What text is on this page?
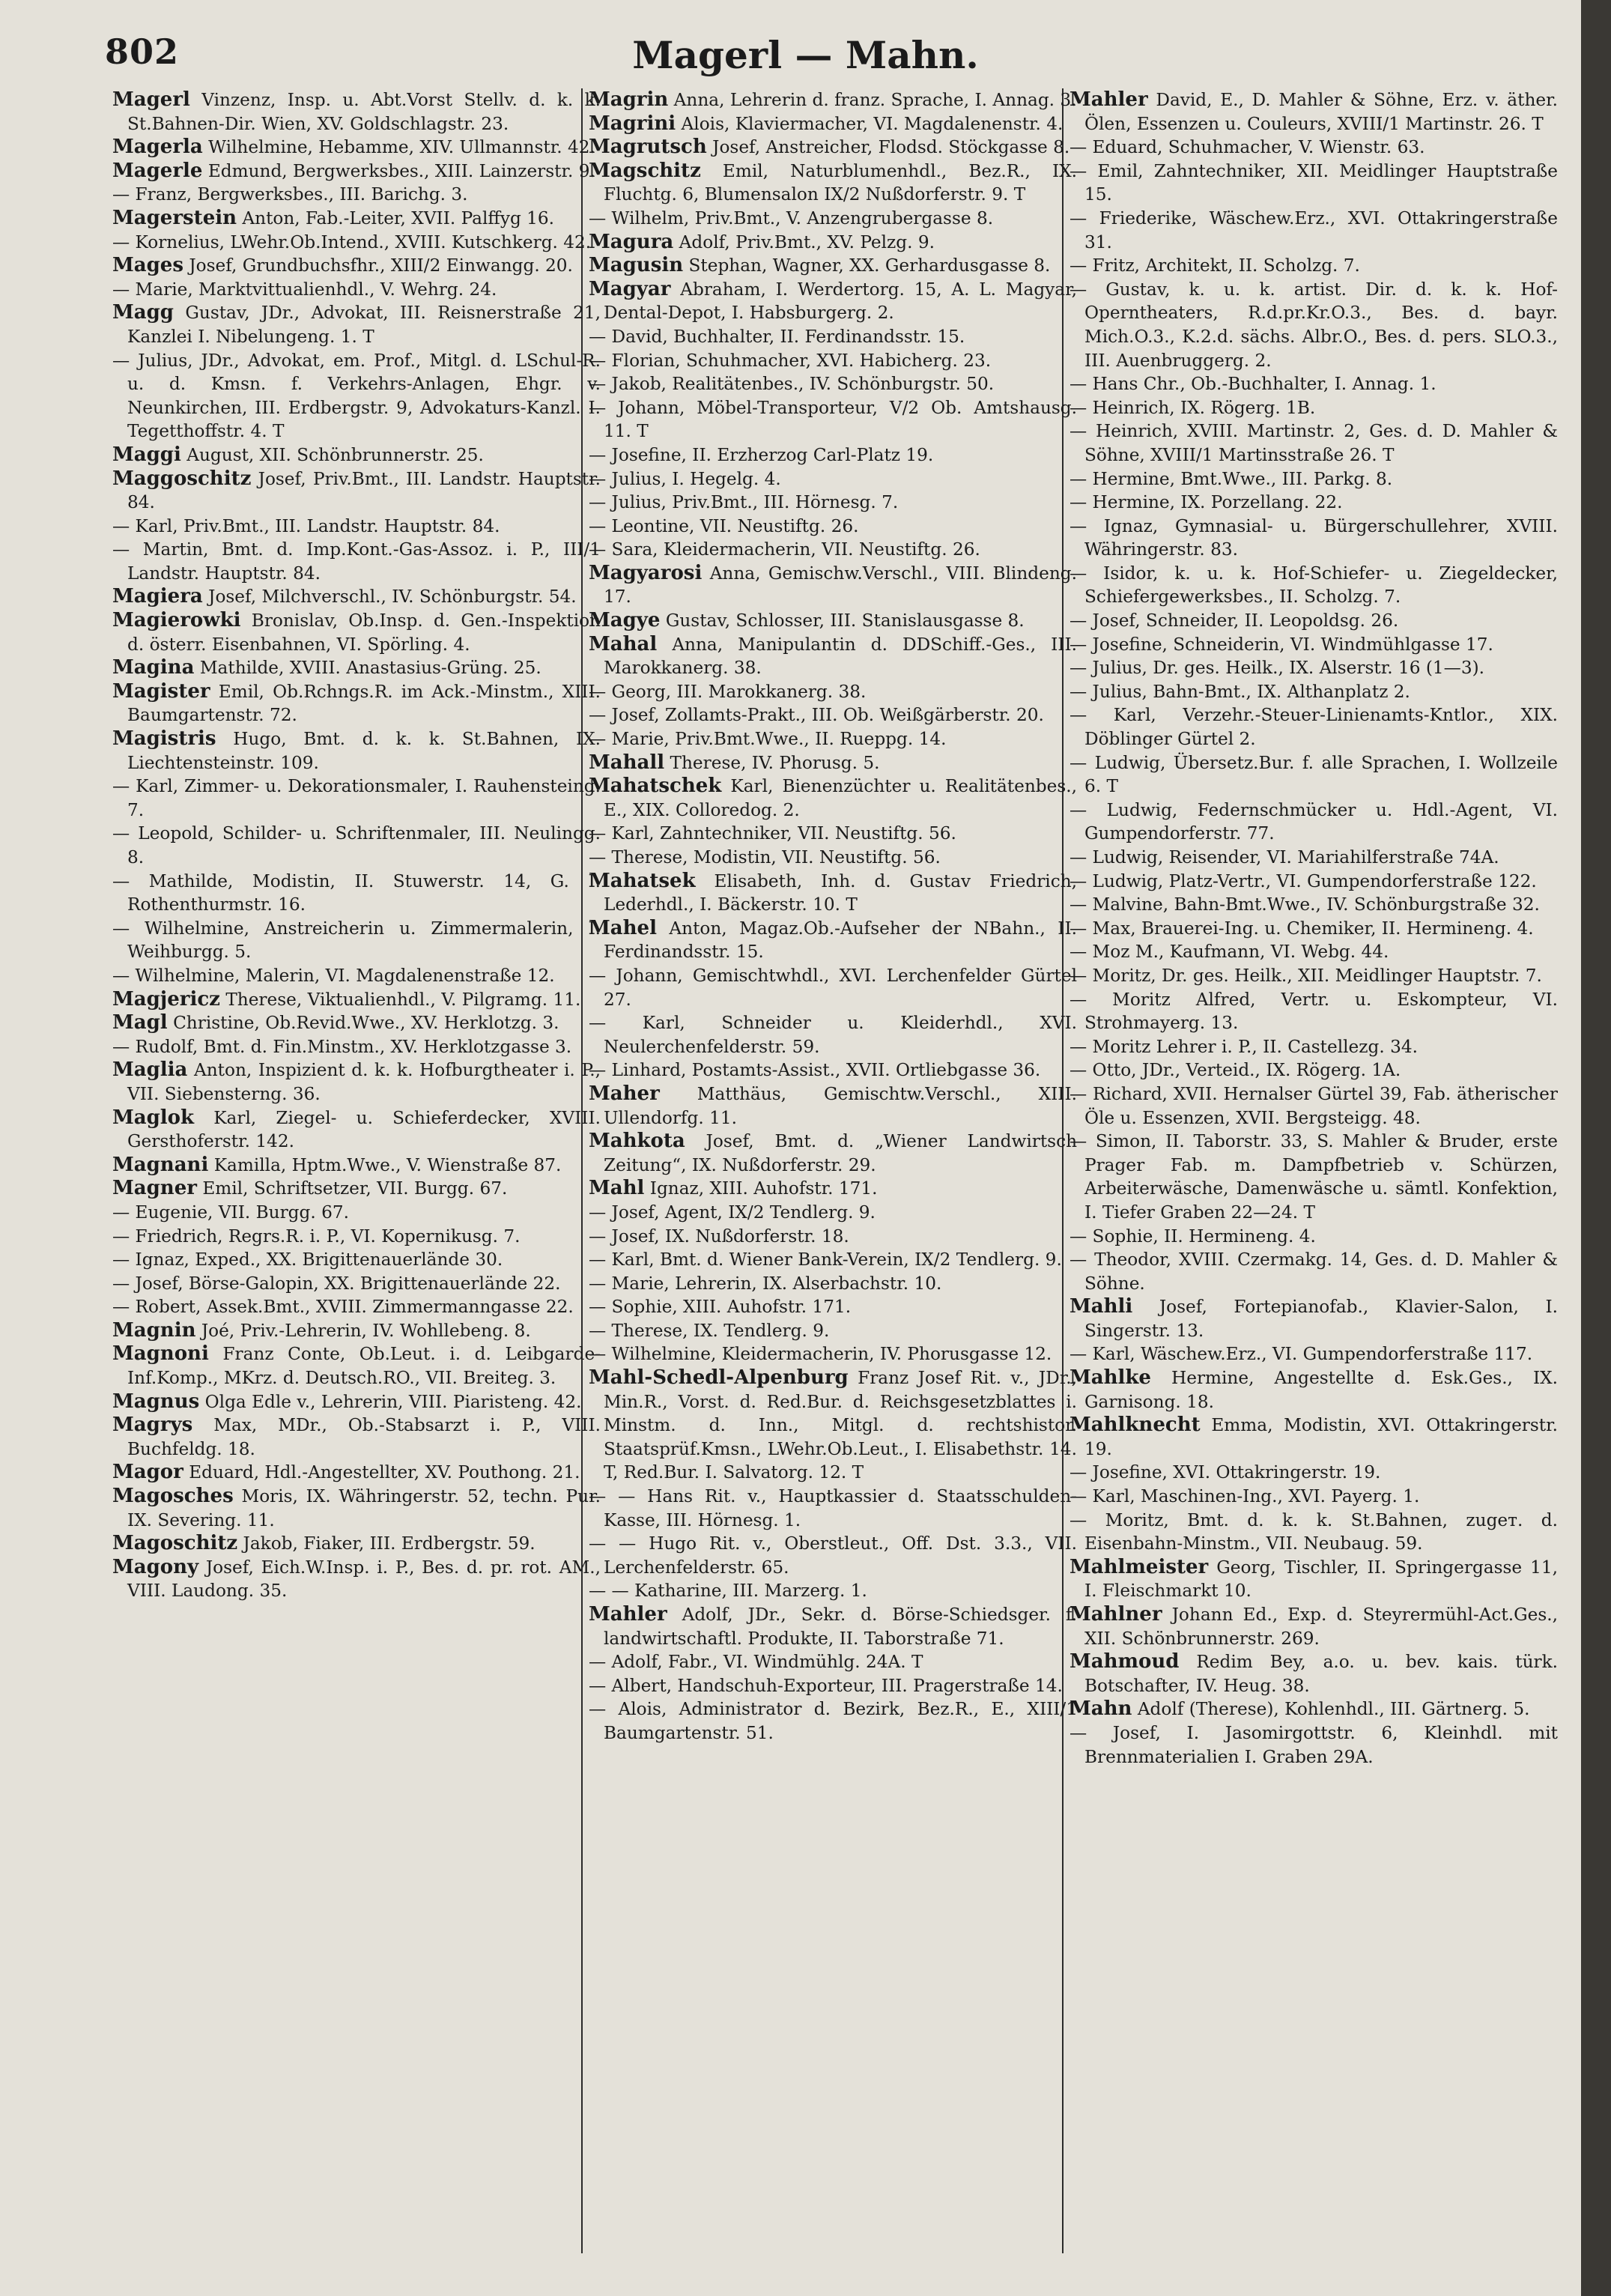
802	Magerl — Mahn.

Magerl Vinzenz, Insp. u. Abt.Vorst Stellv. d. k. k. St.Bahnen-Dir. Wien, XV. Goldschlagstr. 23.

Magerla Wilhelmine, Hebamme, XIV. Ullmannstr. 42.

Magerle Edmund, Bergwerksbes., XIII. Lainzerstr. 9.

— Franz, Bergwerksbes., III. Barichg. 3.

Magerstein Anton, Fab.-Leiter, XVII. Palffyg 16.

— Kornelius, LWehr.Ob.Intend., XVIII. Kutschkerg. 42.

Mages Josef, Grundbuchsfhr., XIII/2 Einwangg. 20.

— Marie, Marktvittualienhdl., V. Wehrg. 24.

Magg Gustav, JDr., Advokat, III. Reisnerstraße 21, Kanzlei I. Nibelungeng. 1. T

— Julius, JDr., Advokat, em. Prof., Mitgl. d. LSchul-R. u. d. Kmsn. f. Verkehrs-Anlagen, Ehgr. v. Neunkirchen, III. Erdbergstr. 9, Advokaturs-Kanzl. I. Tegetthoffstr. 4. T

Maggi August, XII. Schönbrunnerstr. 25.

Maggoschitz Josef, Priv.Bmt., III. Landstr. Hauptstr. 84.

— Karl, Priv.Bmt., III. Landstr. Hauptstr. 84.

— Martin, Bmt. d. Imp.Kont.-Gas-Assoz. i. P., III/1 Landstr. Hauptstr. 84.

Magiera Josef, Milchverschl., IV. Schönburgstr. 54.

Magierowki Bronislav, Ob.Insp. d. Gen.-Inspektion d. österr. Eisenbahnen, VI. Spörling. 4.

Magina Mathilde, XVIII. Anastasius-Grüng. 25.

Magister Emil, Ob.Rchngs.R. im Ack.-Minstm., XIII. Baumgartenstr. 72.

Magistris Hugo, Bmt. d. k. k. St.Bahnen, IX. Liechtensteinstr. 109.

— Karl, Zimmer- u. Dekorationsmaler, I. Rauhensteing. 7.

— Leopold, Schilder- u. Schriftenmaler, III. Neulingg. 8.

— Mathilde, Modistin, II. Stuwerstr. 14, G. I. Rothenthurmstr. 16.

— Wilhelmine, Anstreicherin u. Zimmermalerin, I. Weihburgg. 5.

— Wilhelmine, Malerin, VI. Magdalenenstraße 12.

Magjericz Therese, Viktualienhdl., V. Pilgramg. 11.

Magl Christine, Ob.Revid.Wwe., XV. Herklotzg. 3.

— Rudolf, Bmt. d. Fin.Minstm., XV. Herklotzgasse 3.

Maglia Anton, Inspizient d. k. k. Hofburgtheater i. P., VII. Siebensterng. 36.

Maglok Karl, Ziegel- u. Schieferdecker, XVIII. Gersthoferstr. 142.

Magnani Kamilla, Hptm.Wwe., V. Wienstraße 87.

Magner Emil, Schriftsetzer, VII. Burgg. 67.

— Eugenie, VII. Burgg. 67.

— Friedrich, Regrs.R. i. P., VI. Kopernikusg. 7.

— Ignaz, Exped., XX. Brigittenauerlände 30.

— Josef, Börse-Galopin, XX. Brigittenauerlände 22.

— Robert, Assek.Bmt., XVIII. Zimmermanngasse 22.

Magnin Joé, Priv.-Lehrerin, IV. Wohllebeng. 8.

Magnoni Franz Conte, Ob.Leut. i. d. Leibgarde-Inf.Komp., MKrz. d. Deutsch.RO., VII. Breiteg. 3.

Magnus Olga Edle v., Lehrerin, VIII. Piaristeng. 42.

Magrys Max, MDr., Ob.-Stabsarzt i. P., VIII. Buchfeldg. 18.

Magor Eduard, Hdl.-Angestellter, XV. Pouthong. 21.

Magosches Moris, IX. Währingerstr. 52, techn. Pur. IX. Severing. 11.

Magoschitz Jakob, Fiaker, III. Erdbergstr. 59.

Magony Josef, Eich.W.Insp. i. P., Bes. d. pr. rot. AM., VIII. Laudong. 35.

Magrin Anna, Lehrerin d. franz. Sprache, I. Annag. 3.

Magrini Alois, Klaviermacher, VI. Magdalenenstr. 4.

Magrutsch Josef, Anstreicher, Flodsd. Stöckgasse 8.

Magschitz Emil, Naturblumenhdl., Bez.R., IX. Fluchtg. 6, Blumensalon IX/2 Nußdorferstr. 9. T

— Wilhelm, Priv.Bmt., V. Anzengrubergasse 8.

Magura Adolf, Priv.Bmt., XV. Pelzg. 9.

Magusin Stephan, Wagner, XX. Gerhardusgasse 8.

Magyar Abraham, I. Werdertorg. 15, A. L. Magyar, Dental-Depot, I. Habsburgerg. 2.

— David, Buchhalter, II. Ferdinandsstr. 15.

— Florian, Schuhmacher, XVI. Habicherg. 23.

— Jakob, Realitätenbes., IV. Schönburgstr. 50.

— Johann, Möbel-Transporteur, V/2 Ob. Amtshausg. 11. T

— Josefine, II. Erzherzog Carl-Platz 19.

— Julius, I. Hegelg. 4.

— Julius, Priv.Bmt., III. Hörnesg. 7.

— Leontine, VII. Neustiftg. 26.

— Sara, Kleidermacherin, VII. Neustiftg. 26.

Magyarosi Anna, Gemischw.Verschl., VIII. Blindeng. 17.

Magye Gustav, Schlosser, III. Stanislausgasse 8.

Mahal Anna, Manipulantin d. DDSchiff.-Ges., III. Marokkanerg. 38.

— Georg, III. Marokkanerg. 38.

— Josef, Zollamts-Prakt., III. Ob. Weißgärberstr. 20.

— Marie, Priv.Bmt.Wwe., II. Rueppg. 14.

Mahall Therese, IV. Phorusg. 5.

Mahatschek Karl, Bienenzüchter u. Realitätenbes., E., XIX. Colloredog. 2.

— Karl, Zahntechniker, VII. Neustiftg. 56.

— Therese, Modistin, VII. Neustiftg. 56.

Mahatsek Elisabeth, Inh. d. Gustav Friedrich, Lederhdl., I. Bäckerstr. 10. T

Mahel Anton, Magaz.Ob.-Aufseher der NBahn., II. Ferdinandsstr. 15.

— Johann, Gemischtwhdl., XVI. Lerchenfelder Gürtel 27.

— Karl, Schneider u. Kleiderhdl., XVI. Neulerchenfelderstr. 59.

— Linhard, Postamts-Assist., XVII. Ortliebgasse 36.

Maher Matthäus, Gemischtw.Verschl., XIII. Ullendorfg. 11.

Mahkota Josef, Bmt. d. „Wiener Landwirtsch Zeitung“, IX. Nußdorferstr. 29.

Mahl Ignaz, XIII. Auhofstr. 171.

— Josef, Agent, IX/2 Tendlerg. 9.

— Josef, IX. Nußdorferstr. 18.

— Karl, Bmt. d. Wiener Bank-Verein, IX/2 Tendlerg. 9.

— Marie, Lehrerin, IX. Alserbachstr. 10.

— Sophie, XIII. Auhofstr. 171.

— Therese, IX. Tendlerg. 9.

— Wilhelmine, Kleidermacherin, IV. Phorusgasse 12.

Mahl-Schedl-Alpenburg Franz Josef Rit. v., JDr., Min.R., Vorst. d. Red.Bur. d. Reichsgesetzblattes i. Minstm. d. Inn., Mitgl. d. rechtshistor. Staatsprüf.Kmsn., LWehr.Ob.Leut., I. Elisabethstr. 14. T, Red.Bur. I. Salvatorg. 12. T

— — Hans Rit. v., Hauptkassier d. Staatsschulden-Kasse, III. Hörnesg. 1.

— — Hugo Rit. v., Oberstleut., Off. Dst. 3.3., VII. Lerchenfelderstr. 65.

— — Katharine, III. Marzerg. 1.

Mahler Adolf, JDr., Sekr. d. Börse-Schiedsger. f. landwirtschaftl. Produkte, II. Taborstraße 71.

— Adolf, Fabr., VI. Windmühlg. 24A. T

— Albert, Handschuh-Exporteur, III. Pragerstraße 14.

— Alois, Administrator d. Bezirk, Bez.R., E., XIII/1 Baumgartenstr. 51.

Mahler David, E., D. Mahler & Söhne, Erz. v. äther. Ölen, Essenzen u. Couleurs, XVIII/1 Martinstr. 26. T

— Eduard, Schuhmacher, V. Wienstr. 63.

— Emil, Zahntechniker, XII. Meidlinger Hauptstraße 15.

— Friederike, Wäschew.Erz., XVI. Ottakringerstraße 31.

— Fritz, Architekt, II. Scholzg. 7.

— Gustav, k. u. k. artist. Dir. d. k. k. Hof-Operntheaters, R.d.pr.Kr.O.3., Bes. d. bayr. Mich.O.3., K.2.d. sächs. Albr.O., Bes. d. pers. SLO.3., III. Auenbruggerg. 2.

— Hans Chr., Ob.-Buchhalter, I. Annag. 1.

— Heinrich, IX. Rögerg. 1B.

— Heinrich, XVIII. Martinstr. 2, Ges. d. D. Mahler & Söhne, XVIII/1 Martinsstraße 26. T

— Hermine, Bmt.Wwe., III. Parkg. 8.

— Hermine, IX. Porzellang. 22.

— Ignaz, Gymnasial- u. Bürgerschullehrer, XVIII. Währingerstr. 83.

— Isidor, k. u. k. Hof-Schiefer- u. Ziegeldecker, Schiefergewerksbes., II. Scholzg. 7.

— Josef, Schneider, II. Leopoldsg. 26.

— Josefine, Schneiderin, VI. Windmühlgasse 17.

— Julius, Dr. ges. Heilk., IX. Alserstr. 16 (1—3).

— Julius, Bahn-Bmt., IX. Althanplatz 2.

— Karl, Verzehr.-Steuer-Linienamts-Kntlor., XIX. Döblinger Gürtel 2.

— Ludwig, Übersetz.Bur. f. alle Sprachen, I. Wollzeile 6. T

— Ludwig, Federnschmücker u. Hdl.-Agent, VI. Gumpendorferstr. 77.

— Ludwig, Reisender, VI. Mariahilferstraße 74A.

— Ludwig, Platz-Vertr., VI. Gumpendorferstraße 122.

— Malvine, Bahn-Bmt.Wwe., IV. Schönburgstraße 32.

— Max, Brauerei-Ing. u. Chemiker, II. Hermineng. 4.

— Moz M., Kaufmann, VI. Webg. 44.

— Moritz, Dr. ges. Heilk., XII. Meidlinger Hauptstr. 7.

— Moritz Alfred, Vertr. u. Eskompteur, VI. Strohmayerg. 13.

— Moritz Lehrer i. P., II. Castellezg. 34.

— Otto, JDr., Verteid., IX. Rögerg. 1A.

— Richard, XVII. Hernalser Gürtel 39, Fab. ätherischer Öle u. Essenzen, XVII. Bergsteigg. 48.

— Simon, II. Taborstr. 33, S. Mahler & Bruder, erste Prager Fab. m. Dampfbetrieb v. Schürzen, Arbeiterwäsche, Damenwäsche u. sämtl. Konfektion, I. Tiefer Graben 22—24. T

— Sophie, II. Hermineng. 4.

— Theodor, XVIII. Czermakg. 14, Ges. d. D. Mahler & Söhne.

Mahli Josef, Fortepianofab., Klavier-Salon, I. Singerstr. 13.

— Karl, Wäschew.Erz., VI. Gumpendorferstraße 117.

Mahlke Hermine, Angestellte d. Esk.Ges., IX. Garnisong. 18.

Mahlknecht Emma, Modistin, XVI. Ottakringerstr. 19.

— Josefine, XVI. Ottakringerstr. 19.

— Karl, Maschinen-Ing., XVI. Payerg. 1.

— Moritz, Bmt. d. k. k. St.Bahnen, zugeт. d. Eisenbahn-Minstm., VII. Neubaug. 59.

Mahlmeister Georg, Tischler, II. Springergasse 11, I. Fleischmarkt 10.

Mahlner Johann Ed., Exp. d. Steyrermühl-Act.Ges., XII. Schönbrunnerstr. 269.

Mahmoud Redim Bey, a.o. u. bev. kais. türk. Botschafter, IV. Heug. 38.

Mahn Adolf (Therese), Kohlenhdl., III. Gärtnerg. 5.

— Josef, I. Jasomirgottstr. 6, Kleinhdl. mit Brennmaterialien I. Graben 29A.
